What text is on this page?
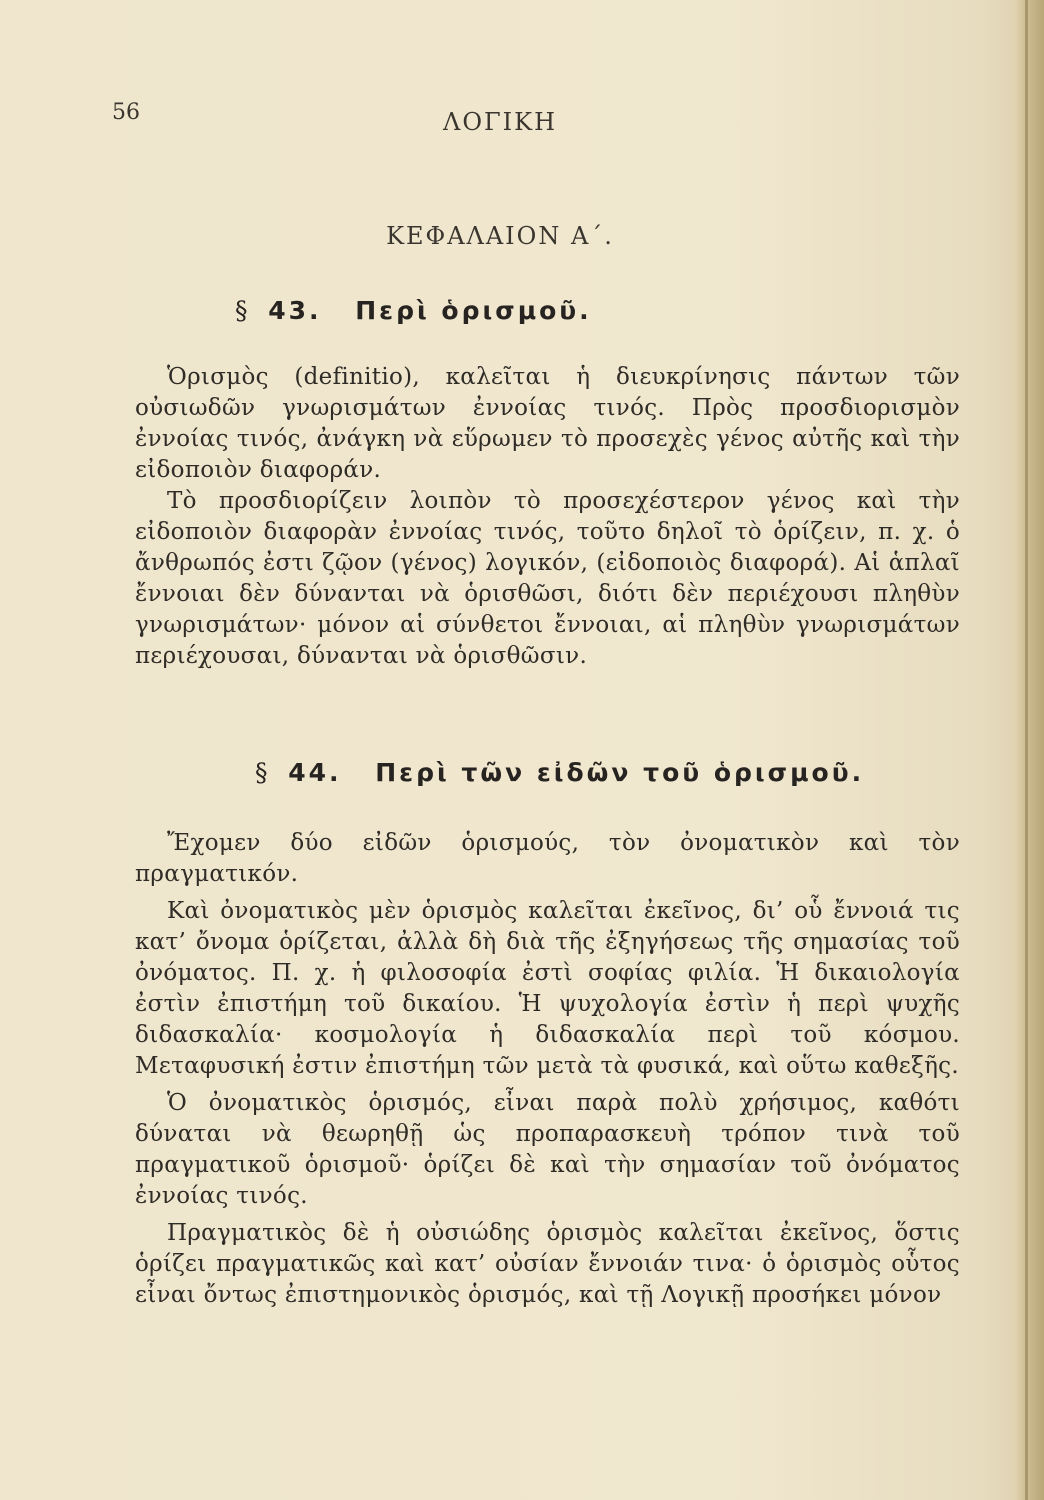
56	ΛΟΓΙΚΗ
ΚΕΦΑΛΑΙΟΝ Α΄.
§ 43. Περὶ ὁρισμοῦ.

Ὁρισμὸς (definitio), καλεῖται ἡ διευκρίνησις πάντων τῶν οὐσιωδῶν γνωρισμάτων ἐννοίας τινός. Πρὸς προσδιορισμὸν ἐννοίας τινός, ἀνάγκη νὰ εὕρωμεν τὸ προσεχὲς γένος αὐτῆς καὶ τὴν εἰδοποιὸν διαφοράν.

Τὸ προσδιορίζειν λοιπὸν τὸ προσεχέστερον γένος καὶ τὴν εἰδοποιὸν διαφορὰν ἐννοίας τινός, τοῦτο δηλοῖ τὸ ὁρίζειν, π. χ. ὁ ἄνθρωπός ἐστι ζῷον (γένος) λογικόν, (εἰδοποιὸς διαφορά). Αἱ ἁπλαῖ ἔννοιαι δὲν δύνανται νὰ ὁρισθῶσι, διότι δὲν περιέχουσι πληθὺν γνωρισμάτων· μόνον αἱ σύνθετοι ἔννοιαι, αἱ πληθὺν γνωρισμάτων περιέχουσαι, δύνανται νὰ ὁρισθῶσιν.

§ 44. Περὶ τῶν εἰδῶν τοῦ ὁρισμοῦ.

Ἔχομεν δύο εἰδῶν ὁρισμούς, τὸν ὀνοματικὸν καὶ τὸν πραγματικόν.

Καὶ ὀνοματικὸς μὲν ὁρισμὸς καλεῖται ἐκεῖνος, δι’ οὗ ἔννοιά τις κατ’ ὄνομα ὁρίζεται, ἀλλὰ δὴ διὰ τῆς ἐξηγήσεως τῆς σημασίας τοῦ ὀνόματος. Π. χ. ἡ φιλοσοφία ἐστὶ σοφίας φιλία. Ἡ δικαιολογία ἐστὶν ἐπιστήμη τοῦ δικαίου. Ἡ ψυχολογία ἐστὶν ἡ περὶ ψυχῆς διδασκαλία· κοσμολογία ἡ διδασκαλία περὶ τοῦ κόσμου. Μεταφυσική ἐστιν ἐπιστήμη τῶν μετὰ τὰ φυσικά, καὶ οὕτω καθεξῆς.

Ὁ ὀνοματικὸς ὁρισμός, εἶναι παρὰ πολὺ χρήσιμος, καθότι δύναται νὰ θεωρηθῇ ὡς προπαρασκευὴ τρόπον τινὰ τοῦ πραγματικοῦ ὁρισμοῦ· ὁρίζει δὲ καὶ τὴν σημασίαν τοῦ ὀνόματος ἐννοίας τινός.

Πραγματικὸς δὲ ἡ οὐσιώδης ὁρισμὸς καλεῖται ἐκεῖνος, ὅστις ὁρίζει πραγματικῶς καὶ κατ’ οὐσίαν ἔννοιάν τινα· ὁ ὁρισμὸς οὗτος εἶναι ὄντως ἐπιστημονικὸς ὁρισμός, καὶ τῇ Λογικῇ προσήκει μόνον
